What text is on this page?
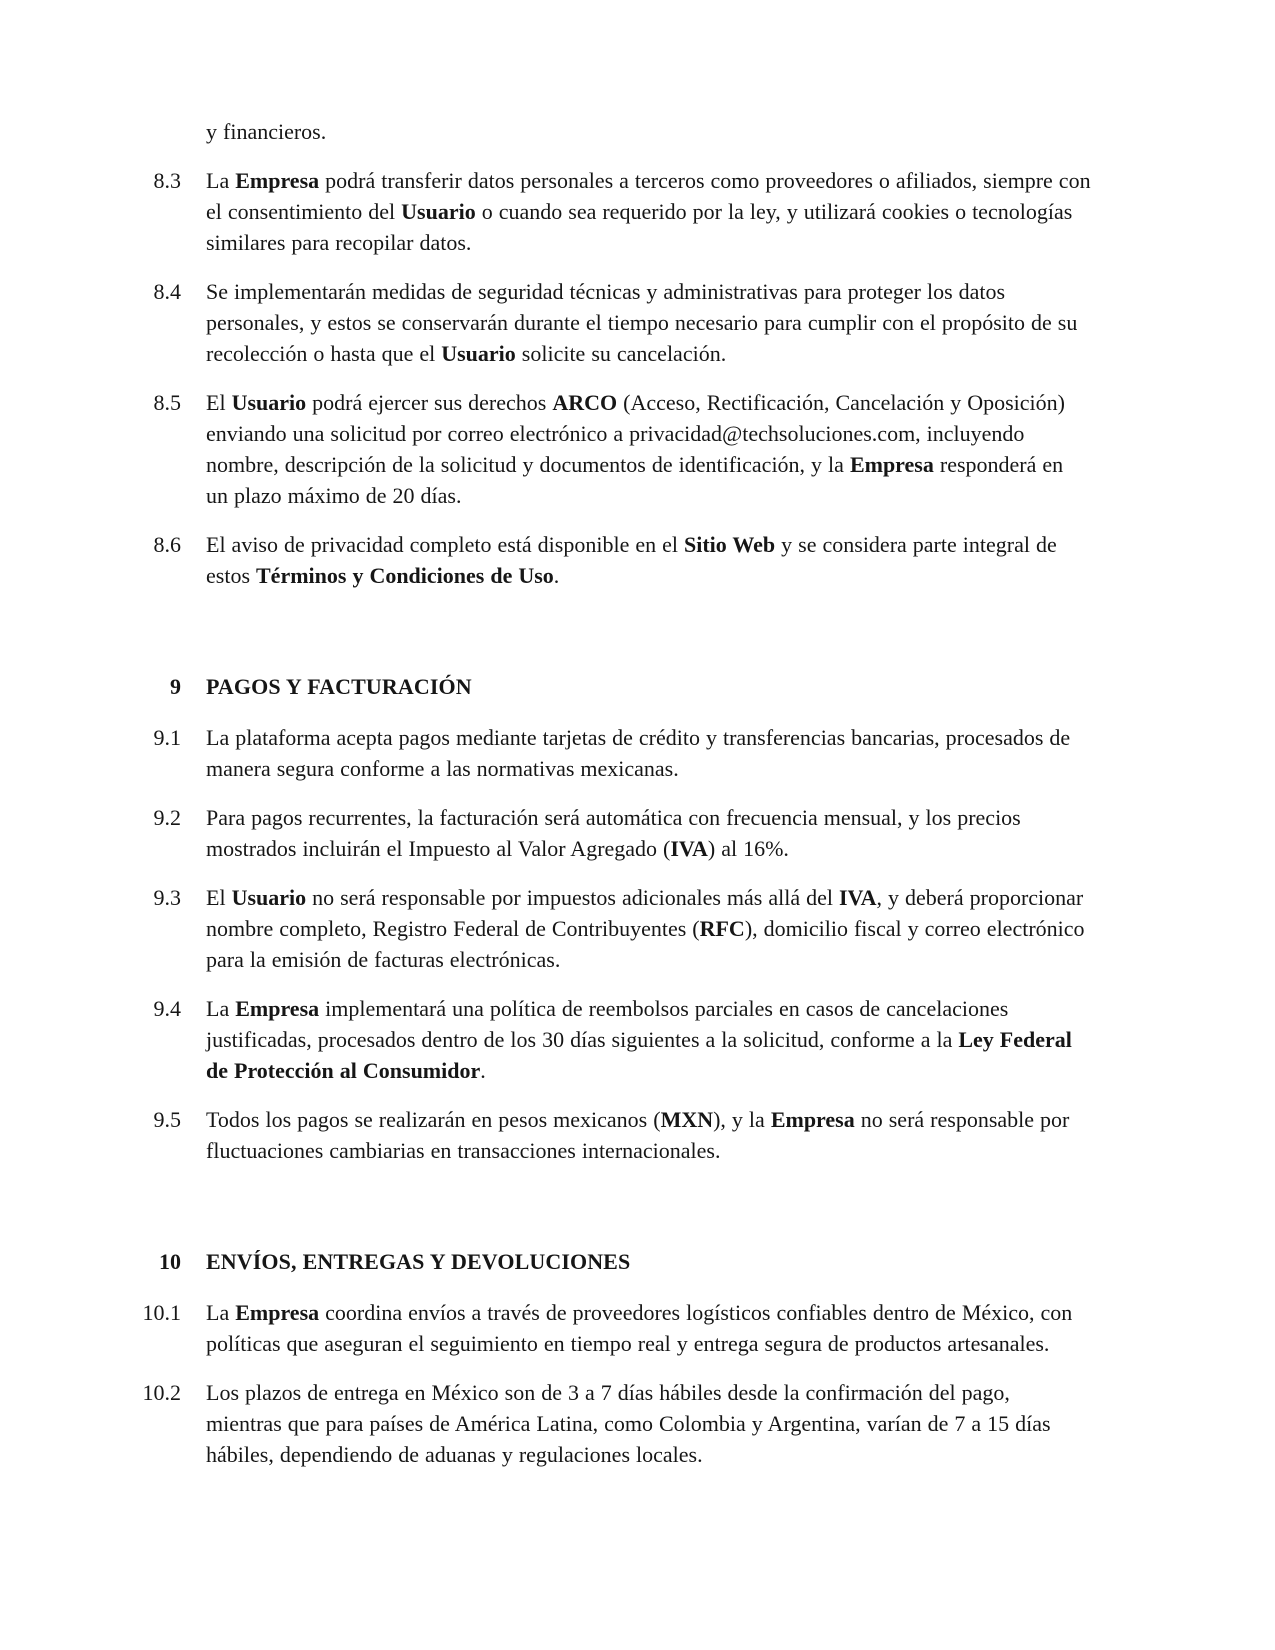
y financieros.
8.3 La Empresa podrá transferir datos personales a terceros como proveedores o afiliados, siempre con el consentimiento del Usuario o cuando sea requerido por la ley, y utilizará cookies o tecnologías similares para recopilar datos.
8.4 Se implementarán medidas de seguridad técnicas y administrativas para proteger los datos personales, y estos se conservarán durante el tiempo necesario para cumplir con el propósito de su recolección o hasta que el Usuario solicite su cancelación.
8.5 El Usuario podrá ejercer sus derechos ARCO (Acceso, Rectificación, Cancelación y Oposición) enviando una solicitud por correo electrónico a privacidad@techsoluciones.com, incluyendo nombre, descripción de la solicitud y documentos de identificación, y la Empresa responderá en un plazo máximo de 20 días.
8.6 El aviso de privacidad completo está disponible en el Sitio Web y se considera parte integral de estos Términos y Condiciones de Uso.
9 PAGOS Y FACTURACIÓN
9.1 La plataforma acepta pagos mediante tarjetas de crédito y transferencias bancarias, procesados de manera segura conforme a las normativas mexicanas.
9.2 Para pagos recurrentes, la facturación será automática con frecuencia mensual, y los precios mostrados incluirán el Impuesto al Valor Agregado (IVA) al 16%.
9.3 El Usuario no será responsable por impuestos adicionales más allá del IVA, y deberá proporcionar nombre completo, Registro Federal de Contribuyentes (RFC), domicilio fiscal y correo electrónico para la emisión de facturas electrónicas.
9.4 La Empresa implementará una política de reembolsos parciales en casos de cancelaciones justificadas, procesados dentro de los 30 días siguientes a la solicitud, conforme a la Ley Federal de Protección al Consumidor.
9.5 Todos los pagos se realizarán en pesos mexicanos (MXN), y la Empresa no será responsable por fluctuaciones cambiarias en transacciones internacionales.
10 ENVÍOS, ENTREGAS Y DEVOLUCIONES
10.1 La Empresa coordina envíos a través de proveedores logísticos confiables dentro de México, con políticas que aseguran el seguimiento en tiempo real y entrega segura de productos artesanales.
10.2 Los plazos de entrega en México son de 3 a 7 días hábiles desde la confirmación del pago, mientras que para países de América Latina, como Colombia y Argentina, varían de 7 a 15 días hábiles, dependiendo de aduanas y regulaciones locales.
